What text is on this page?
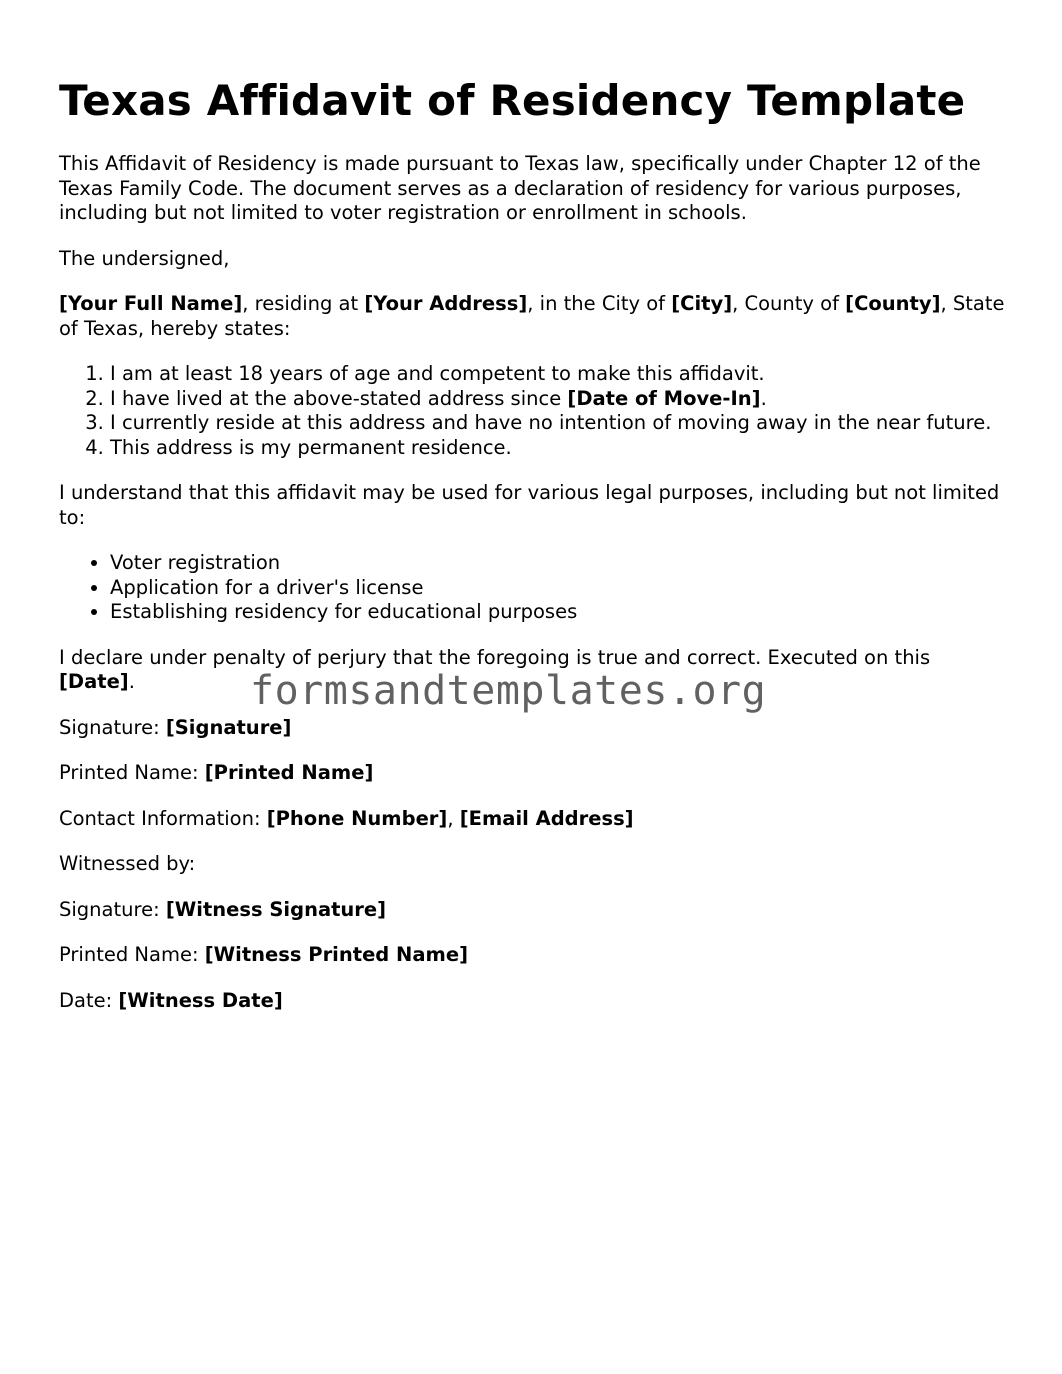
Texas Affidavit of Residency Template

This Affidavit of Residency is made pursuant to Texas law, specifically under Chapter 12 of the Texas Family Code. The document serves as a declaration of residency for various purposes, including but not limited to voter registration or enrollment in schools.

The undersigned,

[Your Full Name], residing at [Your Address], in the City of [City], County of [County], State of Texas, hereby states:

1. I am at least 18 years of age and competent to make this affidavit.
2. I have lived at the above-stated address since [Date of Move-In].
3. I currently reside at this address and have no intention of moving away in the near future.
4. This address is my permanent residence.

I understand that this affidavit may be used for various legal purposes, including but not limited to:

• Voter registration
• Application for a driver's license
• Establishing residency for educational purposes

I declare under penalty of perjury that the foregoing is true and correct. Executed on this [Date].

Signature: [Signature]

Printed Name: [Printed Name]

Contact Information: [Phone Number], [Email Address]

Witnessed by:

Signature: [Witness Signature]

Printed Name: [Witness Printed Name]

Date: [Witness Date]

formsandtemplates.org
